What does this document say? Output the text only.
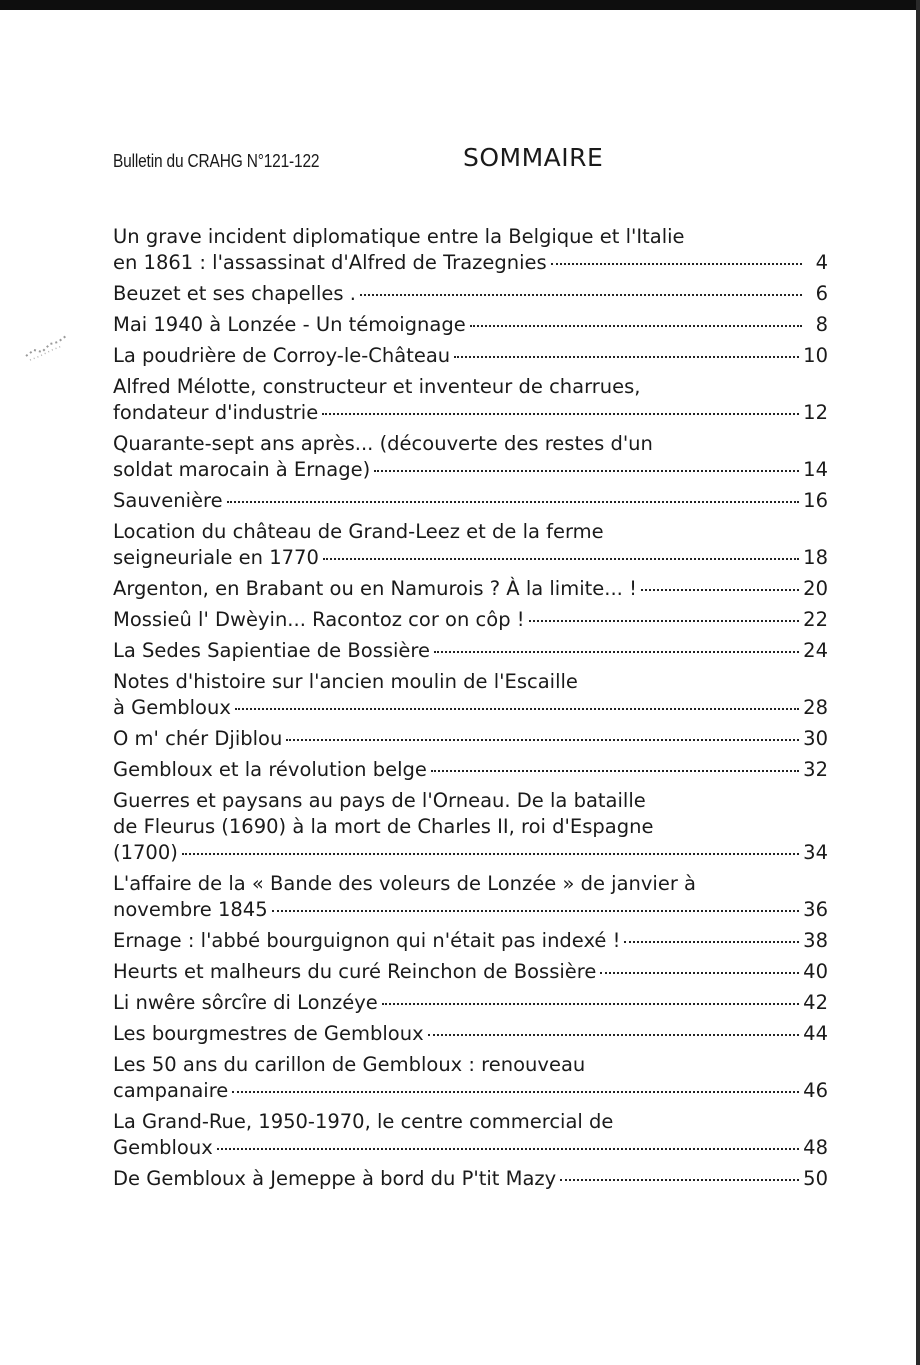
Bulletin du CRAHG N°121-122	SOMMAIRE
Un grave incident diplomatique entre la Belgique et l'Italie
en 1861 : l'assassinat d'Alfred de Trazegnies	4
Beuzet et ses chapelles .	6
Mai 1940 à Lonzée - Un témoignage	8
La poudrière de Corroy-le-Château	10
Alfred Mélotte, constructeur et inventeur de charrues,
fondateur d'industrie	12
Quarante-sept ans après... (découverte des restes d'un
soldat marocain à Ernage)	14
Sauvenière	16
Location du château de Grand-Leez et de la ferme
seigneuriale en 1770	18
Argenton, en Brabant ou en Namurois ? À la limite... !	20
Mossieû l' Dwèyin... Racontoz cor on côp !	22
La Sedes Sapientiae de Bossière	24
Notes d'histoire sur l'ancien moulin de l'Escaille
à Gembloux	28
O m' chér Djiblou	30
Gembloux et la révolution belge	32
Guerres et paysans au pays de l'Orneau. De la bataille
de Fleurus (1690) à la mort de Charles II, roi d'Espagne
(1700)	34
L'affaire de la « Bande des voleurs de Lonzée » de janvier à
novembre 1845	36
Ernage : l'abbé bourguignon qui n'était pas indexé !	38
Heurts et malheurs du curé Reinchon de Bossière	40
Li nwêre sôrcîre di Lonzéye	42
Les bourgmestres de Gembloux	44
Les 50 ans du carillon de Gembloux : renouveau
campanaire	46
La Grand-Rue, 1950-1970, le centre commercial de
Gembloux	48
De Gembloux à Jemeppe à bord du P'tit Mazy	50
